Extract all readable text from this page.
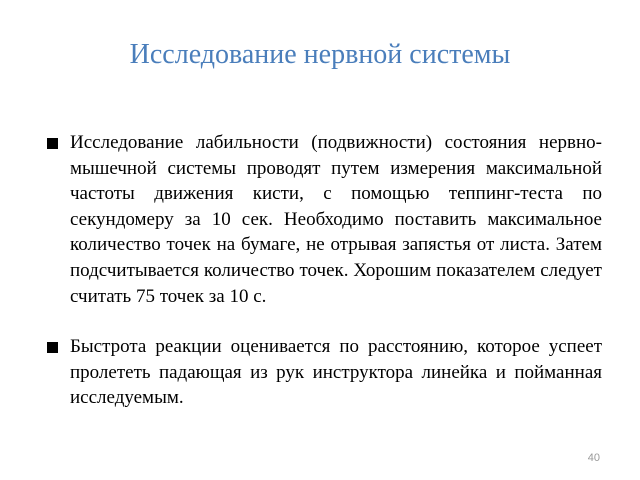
Исследование нервной системы
Исследование лабильности (подвижности) состояния нервно-мышечной системы проводят путем измерения максимальной частоты движения кисти, с помощью теппинг-теста по секундомеру за 10 сек. Необходимо поставить максимальное количество точек на бумаге, не отрывая запястья от листа. Затем подсчитывается количество точек. Хорошим показателем следует считать 75 точек за 10 с.
Быстрота реакции оценивается по расстоянию, которое успеет пролететь падающая из рук инструктора линейка и пойманная исследуемым.
40
